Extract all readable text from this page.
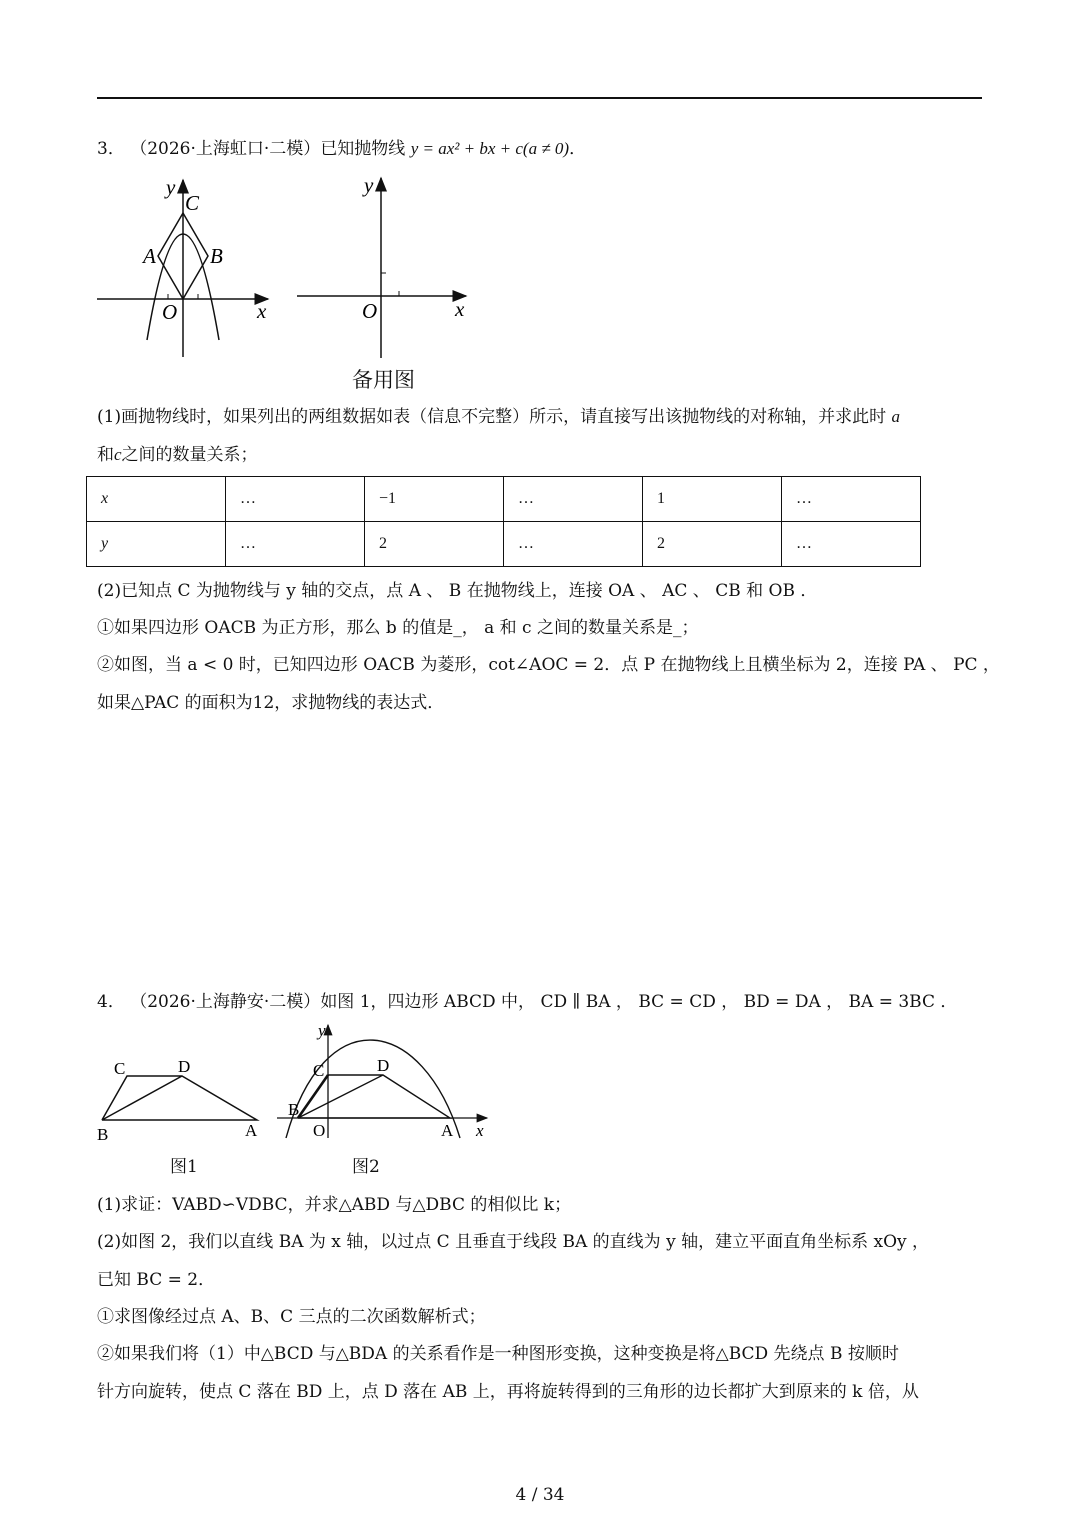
3． （2026·上海虹口·二模）已知抛物线 y = ax² + bx + c(a ≠ 0)．
y
C
A	B
O	x
y
O	x
备用图
(1)画抛物线时，如果列出的两组数据如表（信息不完整）所示，请直接写出该抛物线的对称轴，并求此时 a
和c之间的数量关系；
x	…	−1	…	1	…
y	…	2	…	2	…
(2)已知点 C 为抛物线与 y 轴的交点，点 A 、 B 在抛物线上，连接 OA 、 AC 、 CB 和 OB ．
①如果四边形 OACB 为正方形，那么 b 的值是_， a 和 c 之间的数量关系是_；
②如图，当 a < 0 时，已知四边形 OACB 为菱形，cot∠AOC = 2．点 P 在抛物线上且横坐标为 2，连接 PA 、 PC ，
如果△PAC 的面积为12，求抛物线的表达式．
4． （2026·上海静安·二模）如图 1，四边形 ABCD 中， CD ∥ BA ， BC = CD ， BD = DA ， BA = 3BC ．
C	D
B	A
图1
y
C	D
B
O	A x
图2
(1)求证：VABD∽VDBC，并求△ABD 与△DBC 的相似比 k；
(2)如图 2，我们以直线 BA 为 x 轴，以过点 C 且垂直于线段 BA 的直线为 y 轴，建立平面直角坐标系 xOy ，
已知 BC = 2．
①求图像经过点 A、B、C 三点的二次函数解析式；
②如果我们将（1）中△BCD 与△BDA 的关系看作是一种图形变换，这种变换是将△BCD 先绕点 B 按顺时
针方向旋转，使点 C 落在 BD 上，点 D 落在 AB 上，再将旋转得到的三角形的边长都扩大到原来的 k 倍，从
4 / 34
